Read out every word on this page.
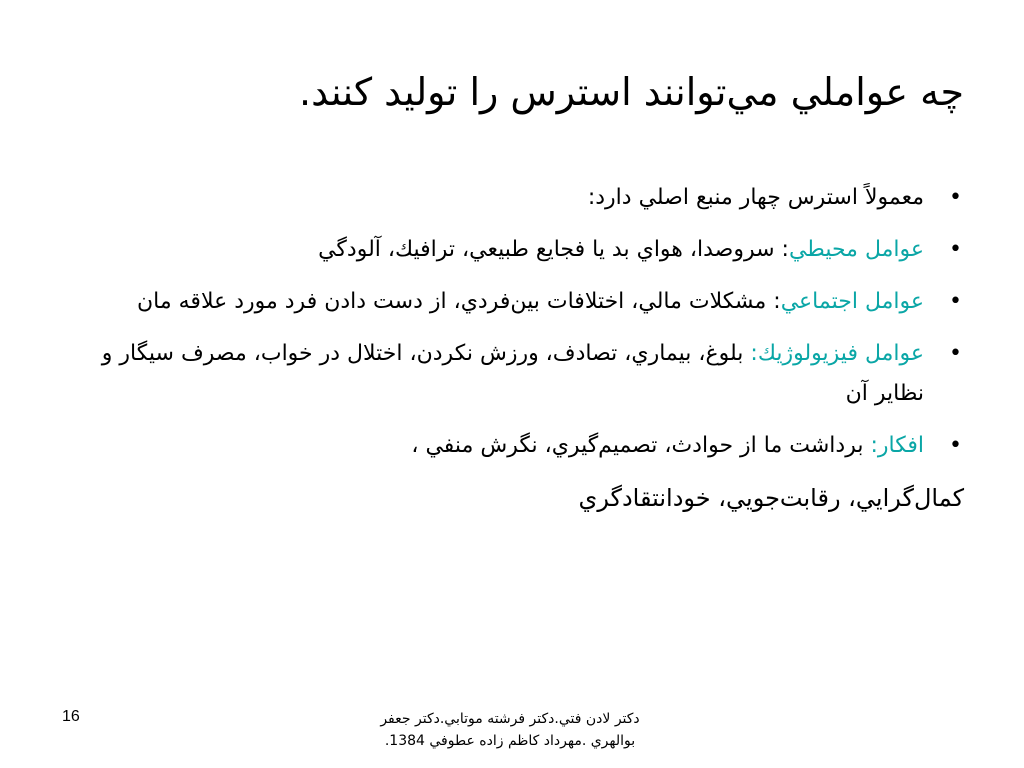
چه عواملي مي‌توانند استرس را توليد كنند.
•
معمولاً استرس چهار منبع اصلي دارد:
•
عوامل محيطي: سروصدا، هواي بد يا فجايع طبيعي، ترافيك، آلودگي
•
عوامل اجتماعي: مشكلات مالي، اختلافات بين‌فردي، از دست دادن فرد مورد علاقه مان
•
عوامل فيزيولوژيك: بلوغ، بيماري، تصادف، ورزش نكردن، اختلال در خواب، مصرف سيگار و نظاير آن
•
افكار: برداشت ما از حوادث، تصميم‌گيري، نگرش منفي ،
كمال‌گرايي، رقابت‌جويي، خودانتقادگري
دكتر لادن فتي.دكتر فرشته موتابي.دكتر جعفر
بوالهري .مهرداد كاظم زاده عطوفي 1384.
16
